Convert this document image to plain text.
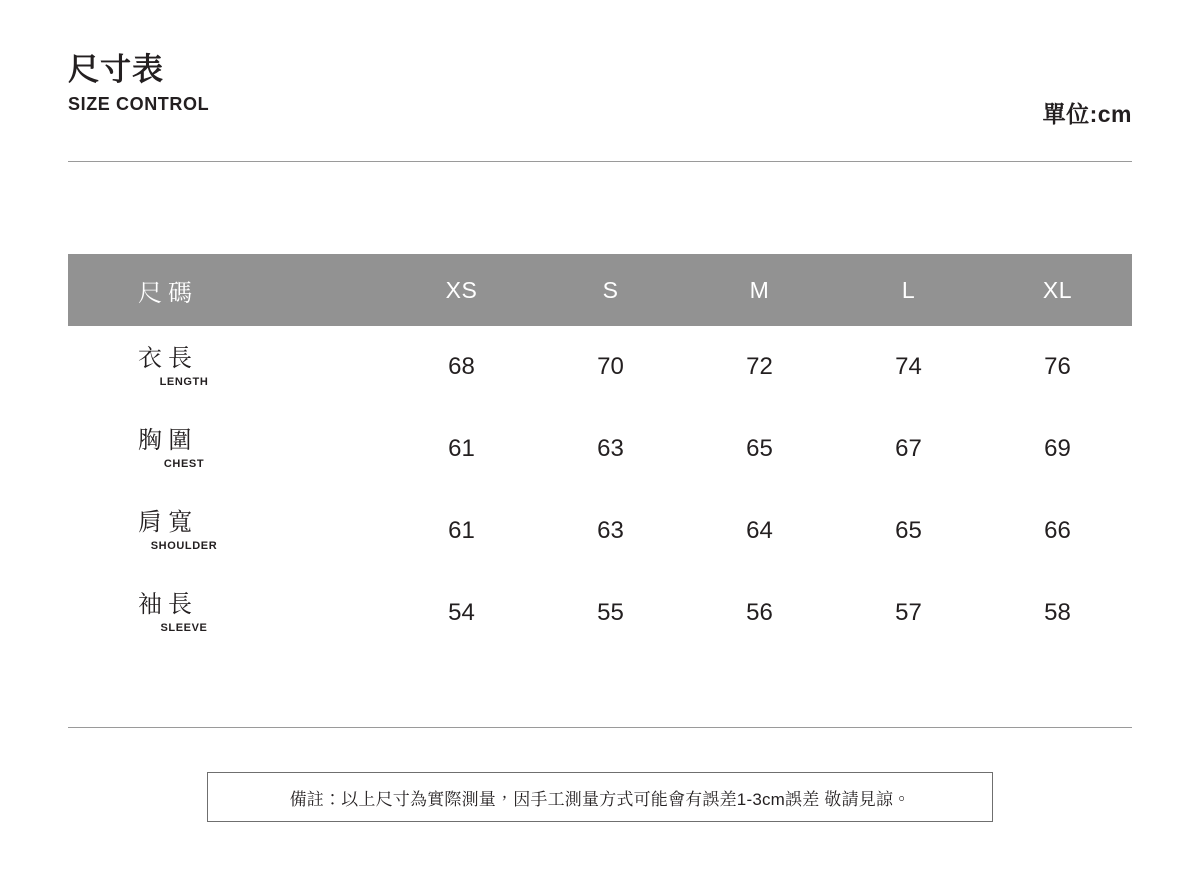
尺寸表
SIZE CONTROL	單位:cm
尺碼	XS	S	M	L	XL

衣長
LENGTH	68	70	72	74	76

胸圍
CHEST	61	63	65	67	69

肩寬
SHOULDER	61	63	64	65	66

袖長
SLEEVE	54	55	56	57	58
備註：以上尺寸為實際測量，因手工測量方式可能會有誤差1-3cm誤差 敬請見諒。
